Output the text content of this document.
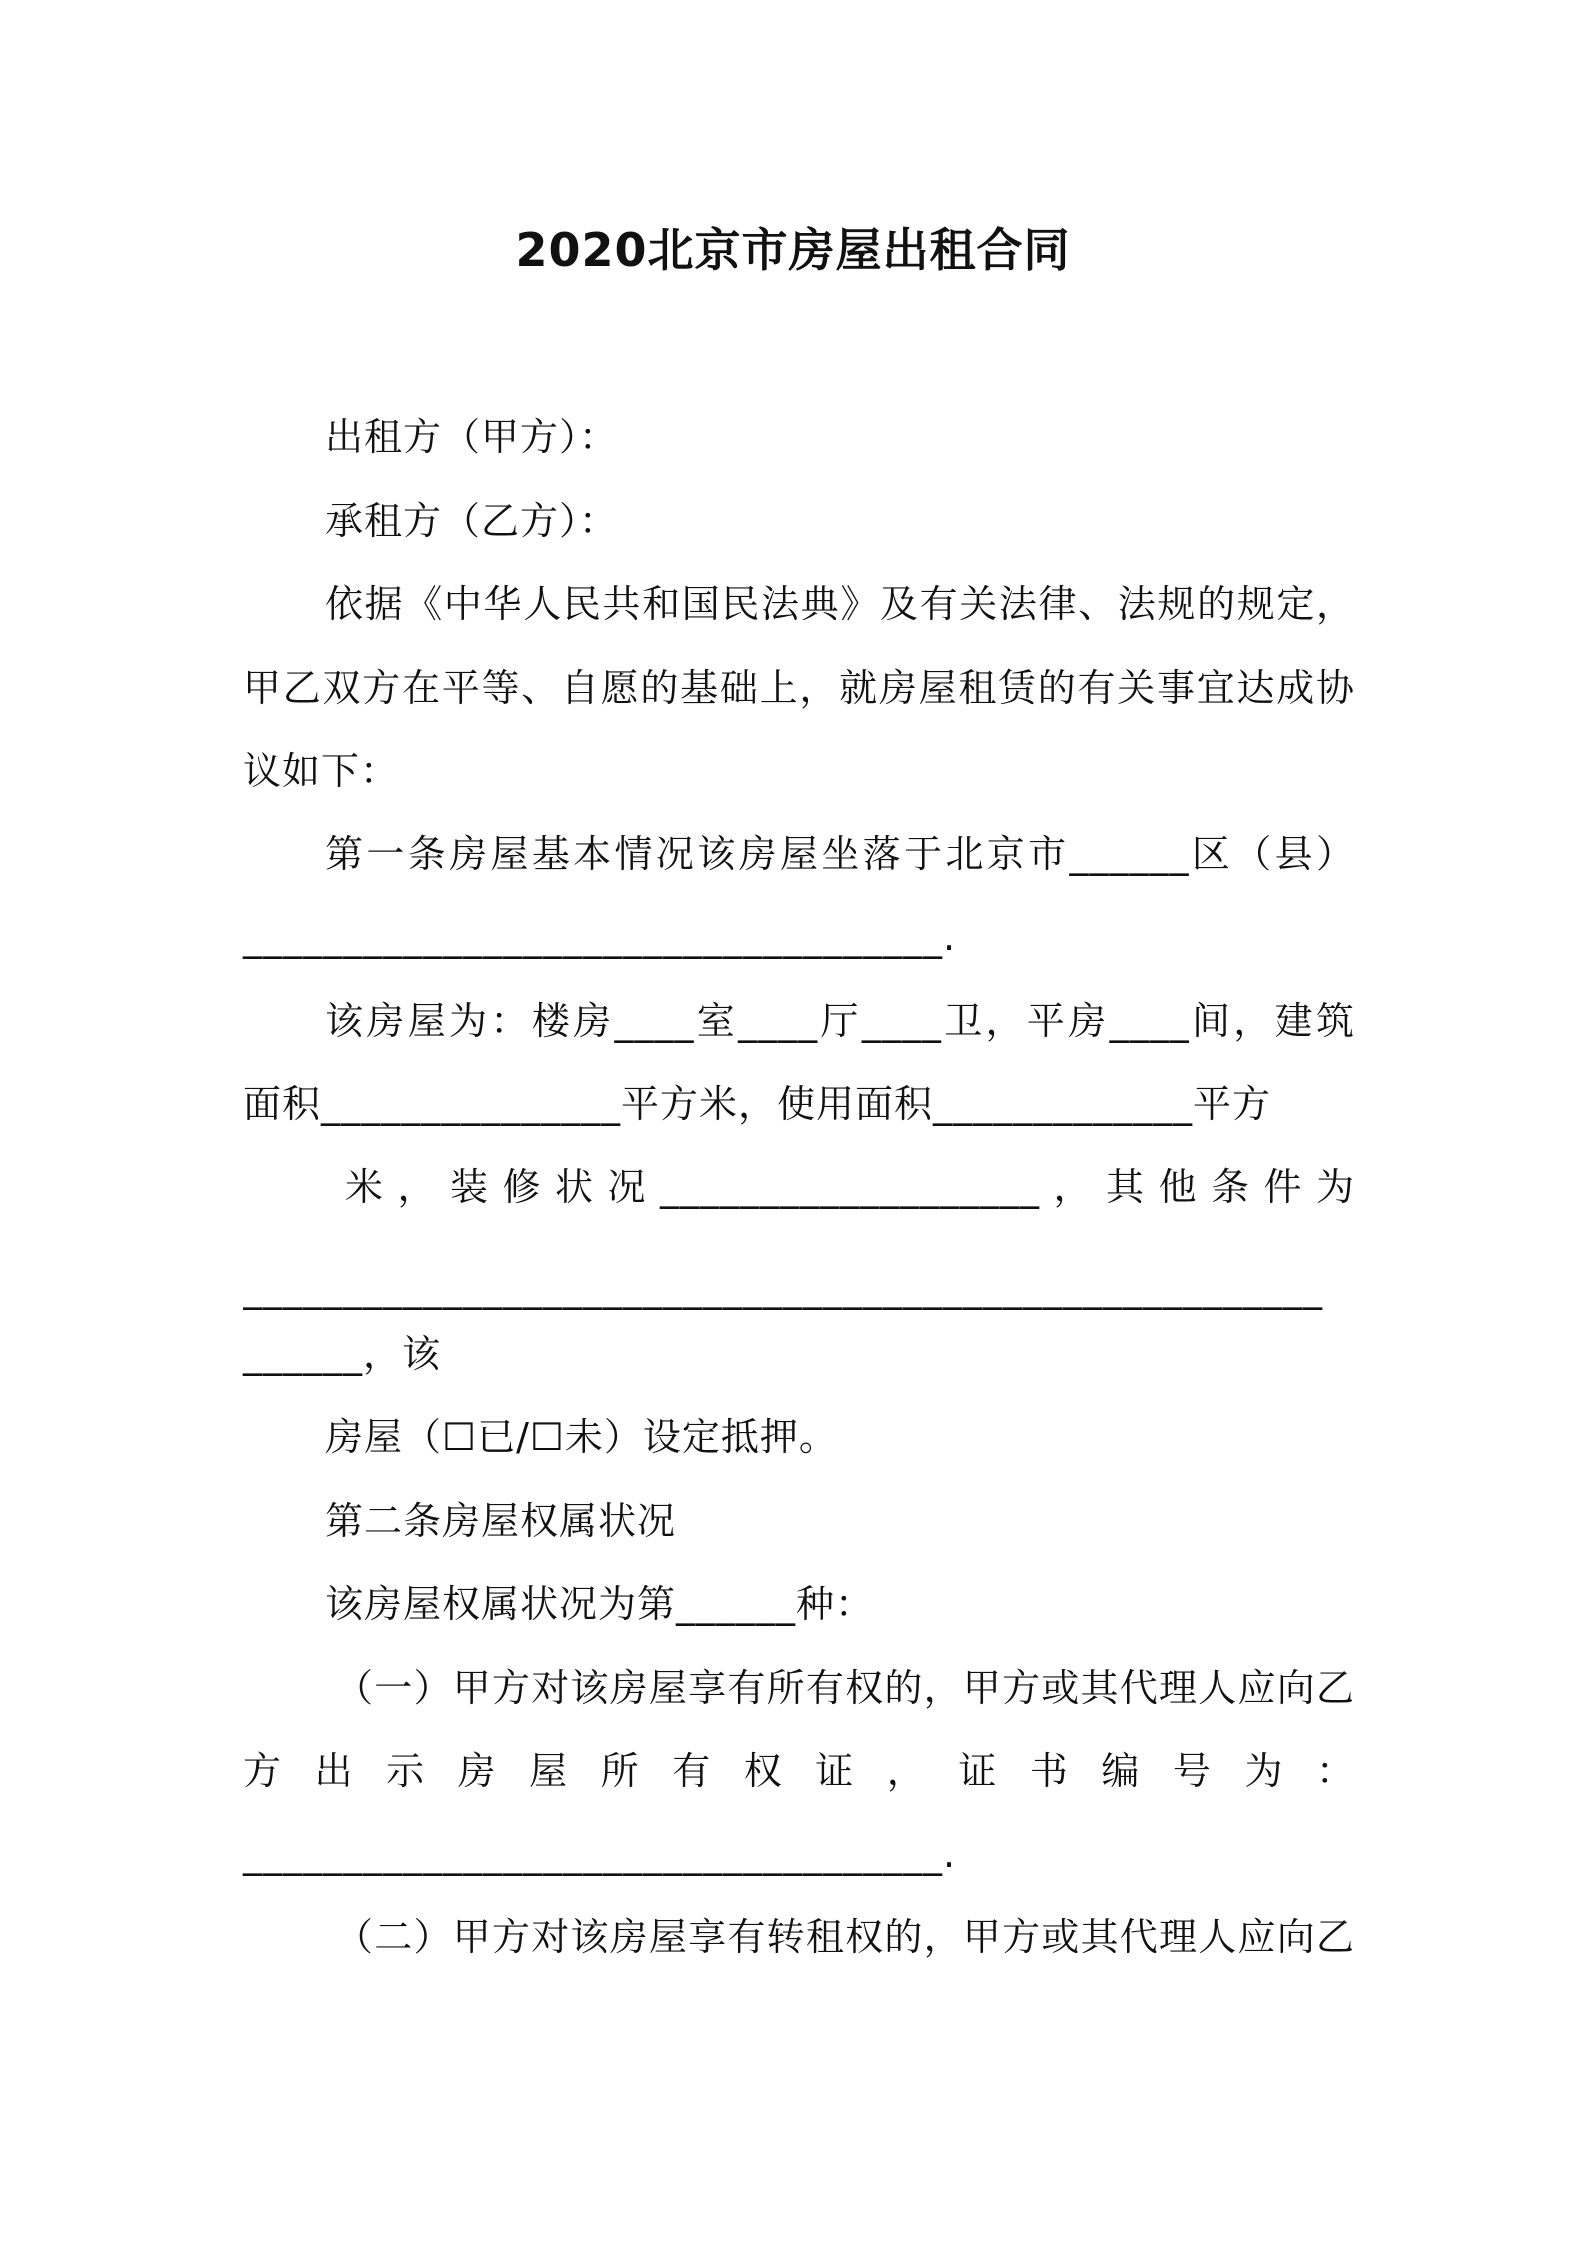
2020北京市房屋出租合同
出租方（甲方）：
承租方（乙方）：
依据《中华人民共和国民法典》及有关法律、法规的规定，
甲乙双方在平等、自愿的基础上，就房屋租赁的有关事宜达成协
议如下：
第一条房屋基本情况该房屋坐落于北京市______区（县）
___________________________________.
该房屋为：楼房____室____厅____卫，平房____间，建筑
面积_______________平方米，使用面积_____________平方
米，装修状况___________________，其他条件为
______________________________________________________
______，该
房屋（☐已/☐未）设定抵押。
第二条房屋权属状况
该房屋权属状况为第______种：
（一）甲方对该房屋享有所有权的，甲方或其代理人应向乙
方出示房屋所有权证，证书编号为：
___________________________________.
（二）甲方对该房屋享有转租权的，甲方或其代理人应向乙
